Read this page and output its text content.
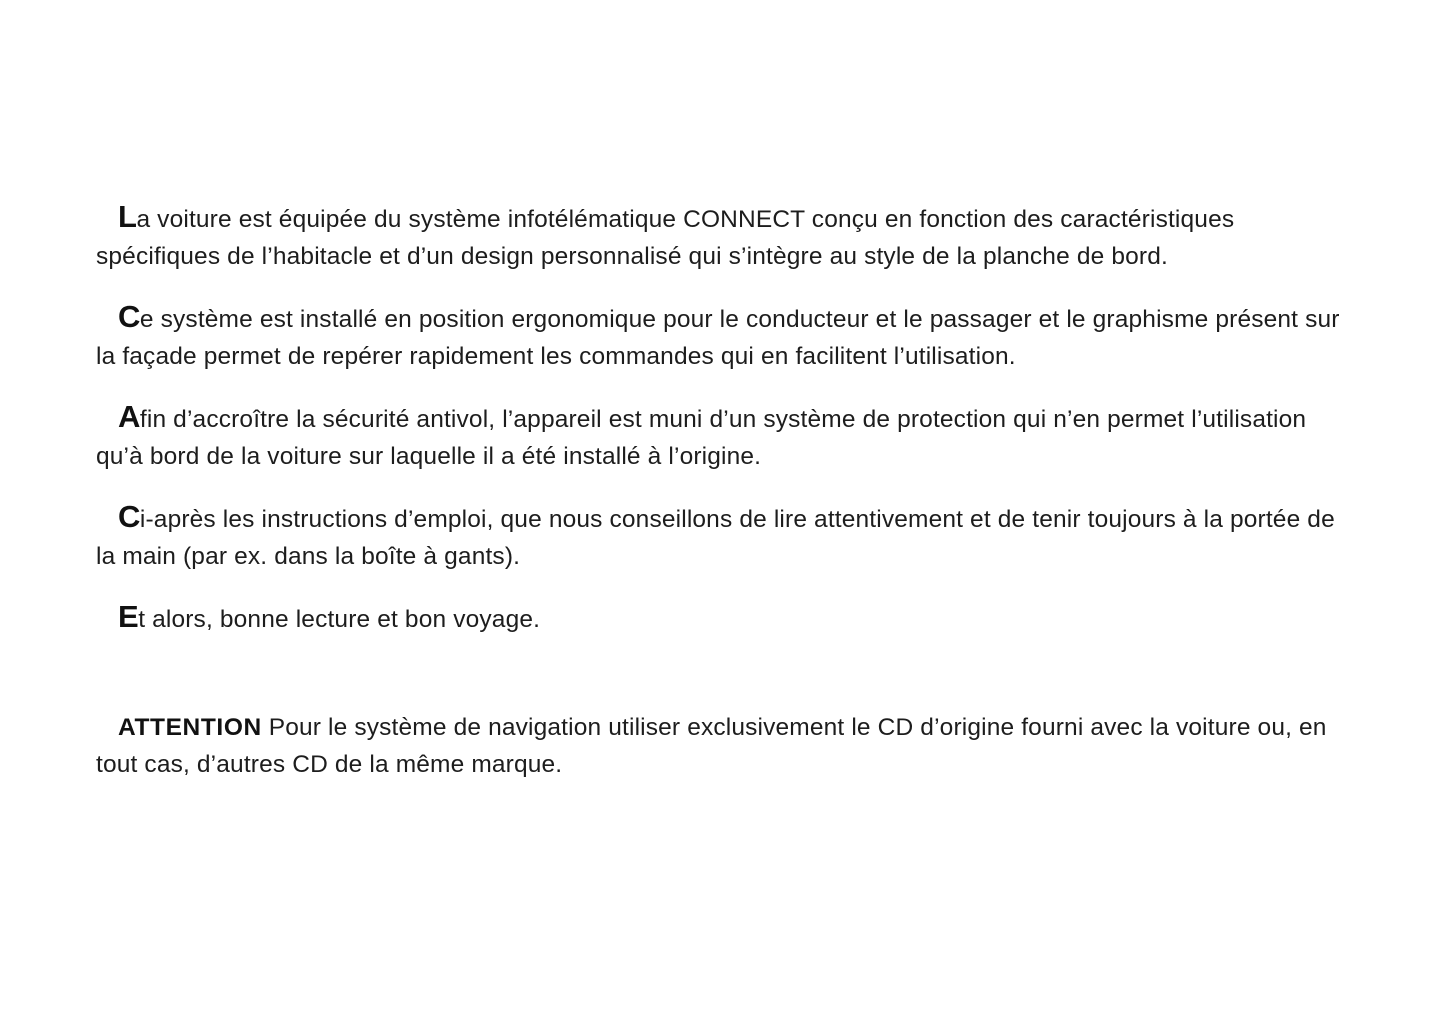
La voiture est équipée du système infotélématique CONNECT conçu en fonction des caractéristiques spécifiques de l’habitacle et d’un design personnalisé qui s’intègre au style de la planche de bord.

Ce système est installé en position ergonomique pour le conducteur et le passager et le graphisme présent sur la façade permet de repérer rapidement les commandes qui en facilitent l’utilisation.

Afin d’accroître la sécurité antivol, l’appareil est muni d’un système de protection qui n’en permet l’utilisation qu’à bord de la voiture sur laquelle il a été installé à l’origine.

Ci-après les instructions d’emploi, que nous conseillons de lire attentivement et de tenir toujours à la portée de la main (par ex. dans la boîte à gants).

Et alors, bonne lecture et bon voyage.

ATTENTION Pour le système de navigation utiliser exclusivement le CD d’origine fourni avec la voiture ou, en tout cas, d’autres CD de la même marque.
